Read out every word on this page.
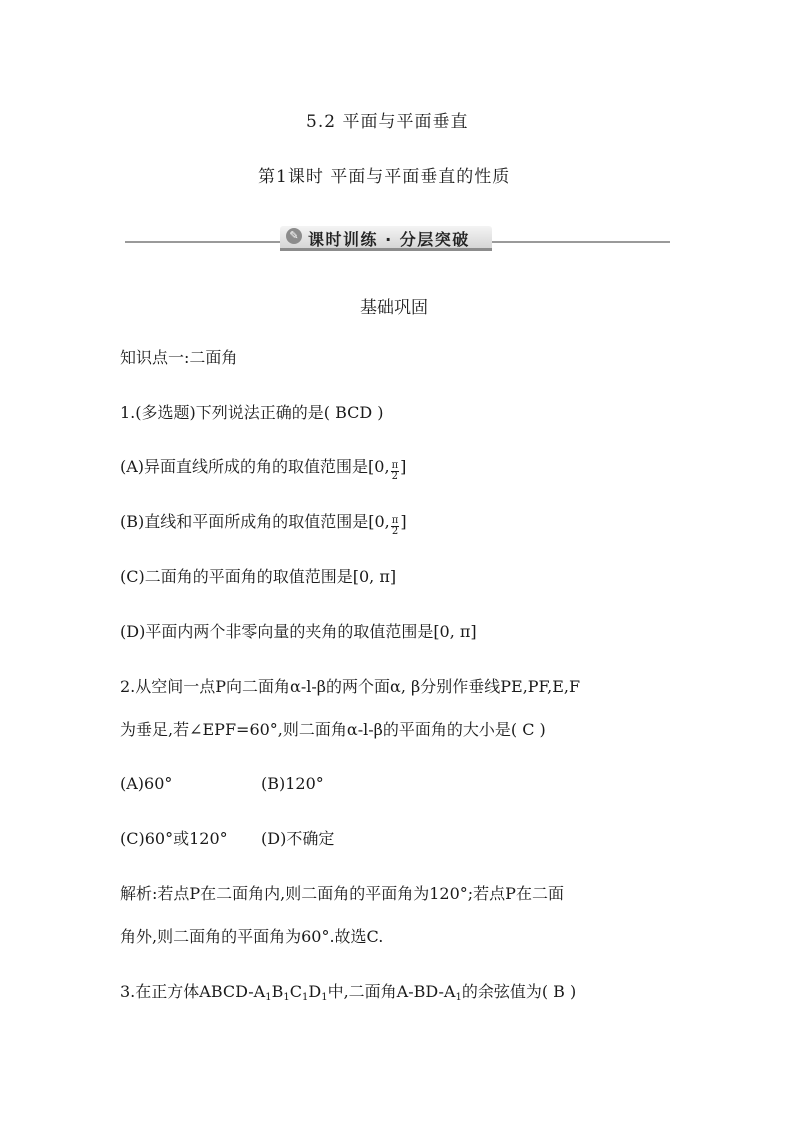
5.2 平面与平面垂直
第1课时 平面与平面垂直的性质
✎ 课时训练 · 分层突破
基础巩固
知识点一:二面角
1.(多选题)下列说法正确的是( BCD )
(A)异面直线所成的角的取值范围是[0, $\frac{\pi}{2}$ ]
(B)直线和平面所成角的取值范围是[0, $\frac{\pi}{2}$ ]
(C)二面角的平面角的取值范围是[0, π]
(D)平面内两个非零向量的夹角的取值范围是[0, π]
2.从空间一点P向二面角α-l-β的两个面α, β分别作垂线PE,PF,E,F
为垂足,若∠EPF=60°,则二面角α-l-β的平面角的大小是( C )
(A)60°	(B)120°
(C)60°或120° (D)不确定
解析:若点P在二面角内,则二面角的平面角为120°;若点P在二面
角外,则二面角的平面角为60°.故选C.
3.在正方体ABCD-$A_1B_1C_1D_1$中,二面角$A-BD-A_1$的余弦值为( B )
